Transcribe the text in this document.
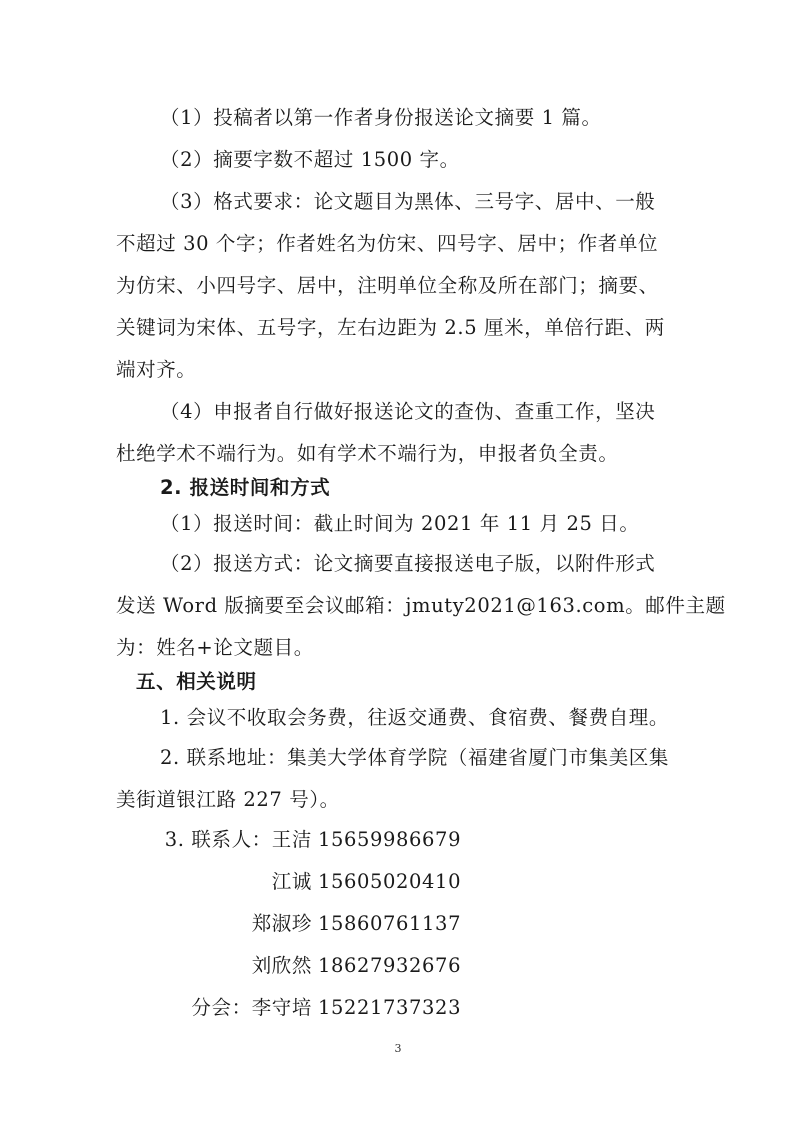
（1）投稿者以第一作者身份报送论文摘要 1 篇。
（2）摘要字数不超过 1500 字。
（3）格式要求：论文题目为黑体、三号字、居中、一般
不超过 30 个字；作者姓名为仿宋、四号字、居中；作者单位
为仿宋、小四号字、居中，注明单位全称及所在部门；摘要、
关键词为宋体、五号字，左右边距为 2.5 厘米，单倍行距、两
端对齐。
（4）申报者自行做好报送论文的查伪、查重工作，坚决
杜绝学术不端行为。如有学术不端行为，申报者负全责。
2. 报送时间和方式
（1）报送时间：截止时间为 2021 年 11 月 25 日。
（2）报送方式：论文摘要直接报送电子版，以附件形式
发送 Word 版摘要至会议邮箱：jmuty2021@163.com。邮件主题
为：姓名+论文题目。
五、相关说明
1. 会议不收取会务费，往返交通费、食宿费、餐费自理。
2. 联系地址：集美大学体育学院（福建省厦门市集美区集
美街道银江路 227 号）。
3. 联系人：王洁 15659986679
江诚 15605020410
郑淑珍 15860761137
刘欣然 18627932676
分会：李守培 15221737323
3
